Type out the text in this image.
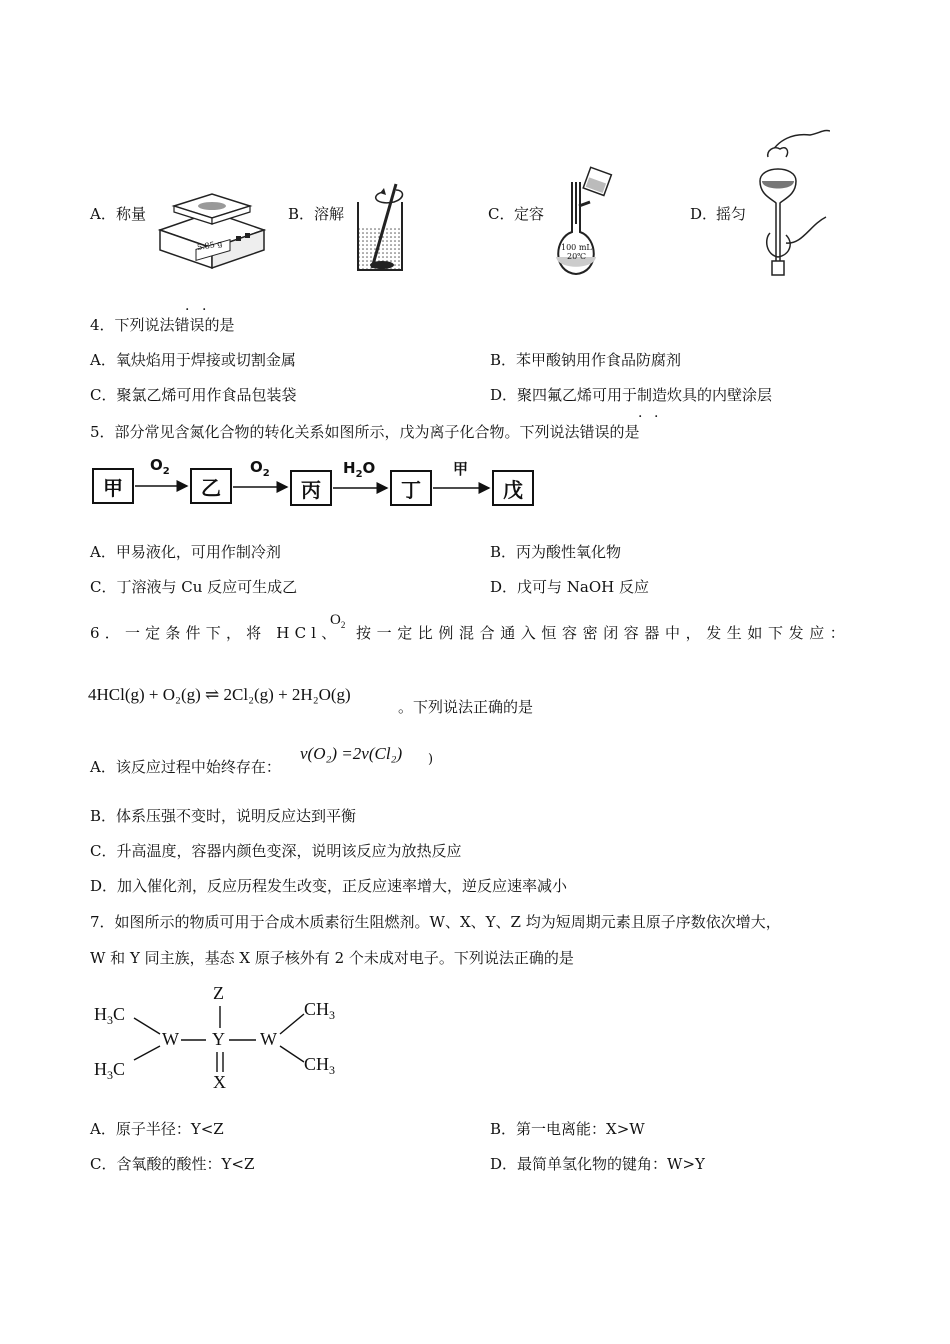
A． 称量
5.85 g
B． 溶解	C． 定容
100 mL
20℃
D．
摇匀
· ·
4．下列说法错误的是
A．氧炔焰用于焊接或切割金属	B．苯甲酸钠用作食品防腐剂
C．聚氯乙烯可用作食品包装袋	D．聚四氟乙烯可用于制造炊具的内壁涂层
· ·
5．部分常见含氮化合物的转化关系如图所示，戊为离子化合物。下列说法错误的是
甲	乙	丙	丁	戊
$O_2$	$O_2$	$H_2O$	甲
A．甲易液化，可用作制冷剂	B．丙为酸性氧化物
C．丁溶液与 Cu 反应可生成乙	D．戊可与 NaOH 反应
6．一定条件下，将 HCl、
$O_2$ 按一定比例混合通入恒容密闭容器中，发生如下发应：
4HCl(g) + O₂(g) ⇌ 2Cl₂(g) + 2H₂O(g)
。下列说法正确的是
A．该反应过程中始终存在：
v(O₂) =2v(Cl₂) )
B．体系压强不变时，说明反应达到平衡
C．升高温度，容器内颜色变深，说明该反应为放热反应
D．加入催化剂，反应历程发生改变，正反应速率增大，逆反应速率减小
7．如图所示的物质可用于合成木质素衍生阻燃剂。W、X、Y、Z 均为短周期元素且原子序数依次增大，
W 和 Y 同主族，基态 X 原子核外有 2 个未成对电子。下列说法正确的是
$H_3C$
$H_3C$
W Y W
Z
X
$CH_3$
$CH_3$
A．原子半径：Y<Z	B．第一电离能：X>W
C．含氧酸的酸性：Y<Z	D．最简单氢化物的键角：W>Y
